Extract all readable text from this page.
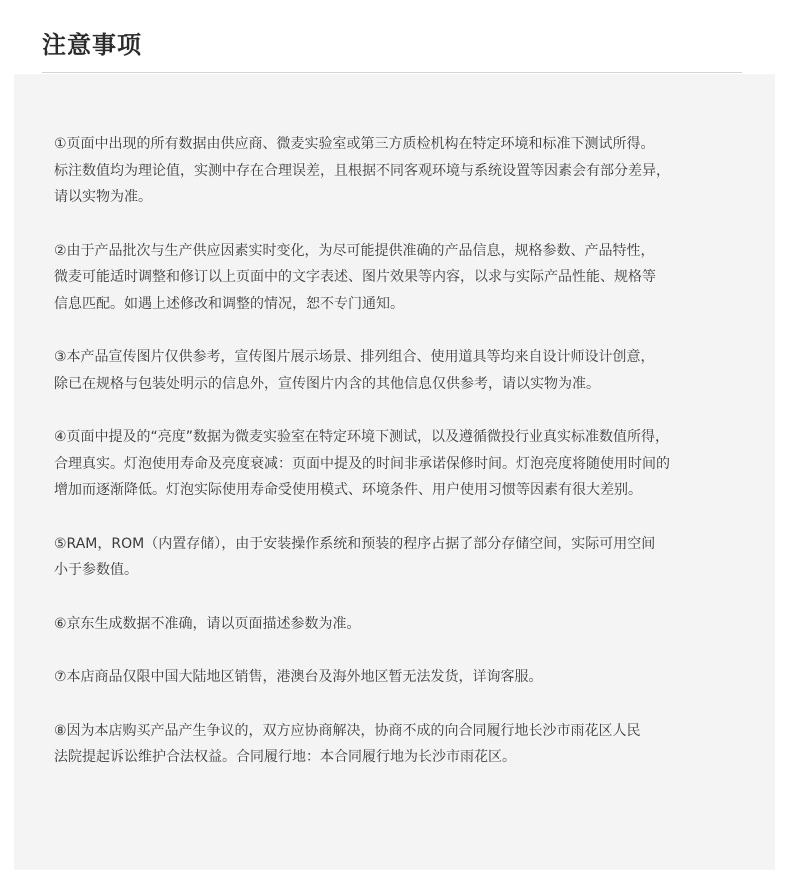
注意事项
①页面中出现的所有数据由供应商、微麦实验室或第三方质检机构在特定环境和标准下测试所得。
标注数值均为理论值，实测中存在合理误差，且根据不同客观环境与系统设置等因素会有部分差异，
请以实物为准。
②由于产品批次与生产供应因素实时变化，为尽可能提供准确的产品信息，规格参数、产品特性，
微麦可能适时调整和修订以上页面中的文字表述、图片效果等内容，以求与实际产品性能、规格等
信息匹配。如遇上述修改和调整的情况，恕不专门通知。
③本产品宣传图片仅供参考，宣传图片展示场景、排列组合、使用道具等均来自设计师设计创意，
除已在规格与包装处明示的信息外，宣传图片内含的其他信息仅供参考，请以实物为准。
④页面中提及的“亮度”数据为微麦实验室在特定环境下测试，以及遵循微投行业真实标准数值所得，
合理真实。灯泡使用寿命及亮度衰减：页面中提及的时间非承诺保修时间。灯泡亮度将随使用时间的
增加而逐渐降低。灯泡实际使用寿命受使用模式、环境条件、用户使用习惯等因素有很大差别。
⑤RAM，ROM（内置存储），由于安装操作系统和预装的程序占据了部分存储空间，实际可用空间
小于参数值。
⑥京东生成数据不准确，请以页面描述参数为准。
⑦本店商品仅限中国大陆地区销售，港澳台及海外地区暂无法发货，详询客服。
⑧因为本店购买产品产生争议的，双方应协商解决，协商不成的向合同履行地长沙市雨花区人民
法院提起诉讼维护合法权益。合同履行地：本合同履行地为长沙市雨花区。
